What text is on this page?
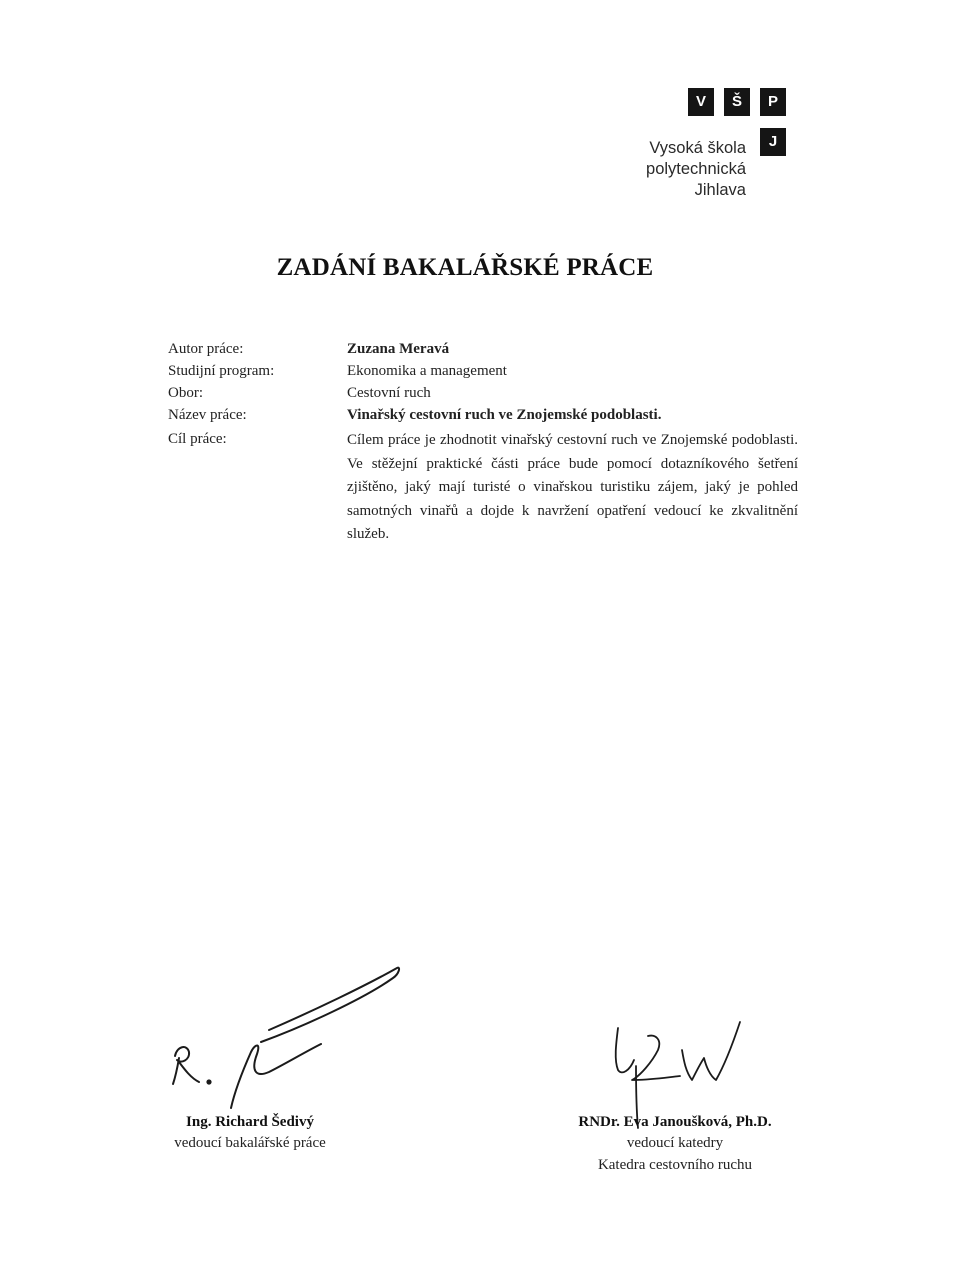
V	Š	P
J
Vysoká škola
polytechnická
Jihlava
ZADÁNÍ BAKALÁŘSKÉ PRÁCE
Autor práce:
Studijní program:
Obor:
Název práce:
Cíl práce:
Zuzana Meravá
Ekonomika a management
Cestovní ruch
Vinařský cestovní ruch ve Znojemské podoblasti.
Cílem práce je zhodnotit vinařský cestovní ruch ve Znojemské podoblasti. Ve stěžejní praktické části práce bude pomocí dotazníkového šetření zjištěno, jaký mají turisté o vinařskou turistiku zájem, jaký je pohled samotných vinařů a dojde k navržení opatření vedoucí ke zkvalitnění služeb.
Ing. Richard Šedivý
vedoucí bakalářské práce
RNDr. Eva Janoušková, Ph.D.
vedoucí katedry
Katedra cestovního ruchu
